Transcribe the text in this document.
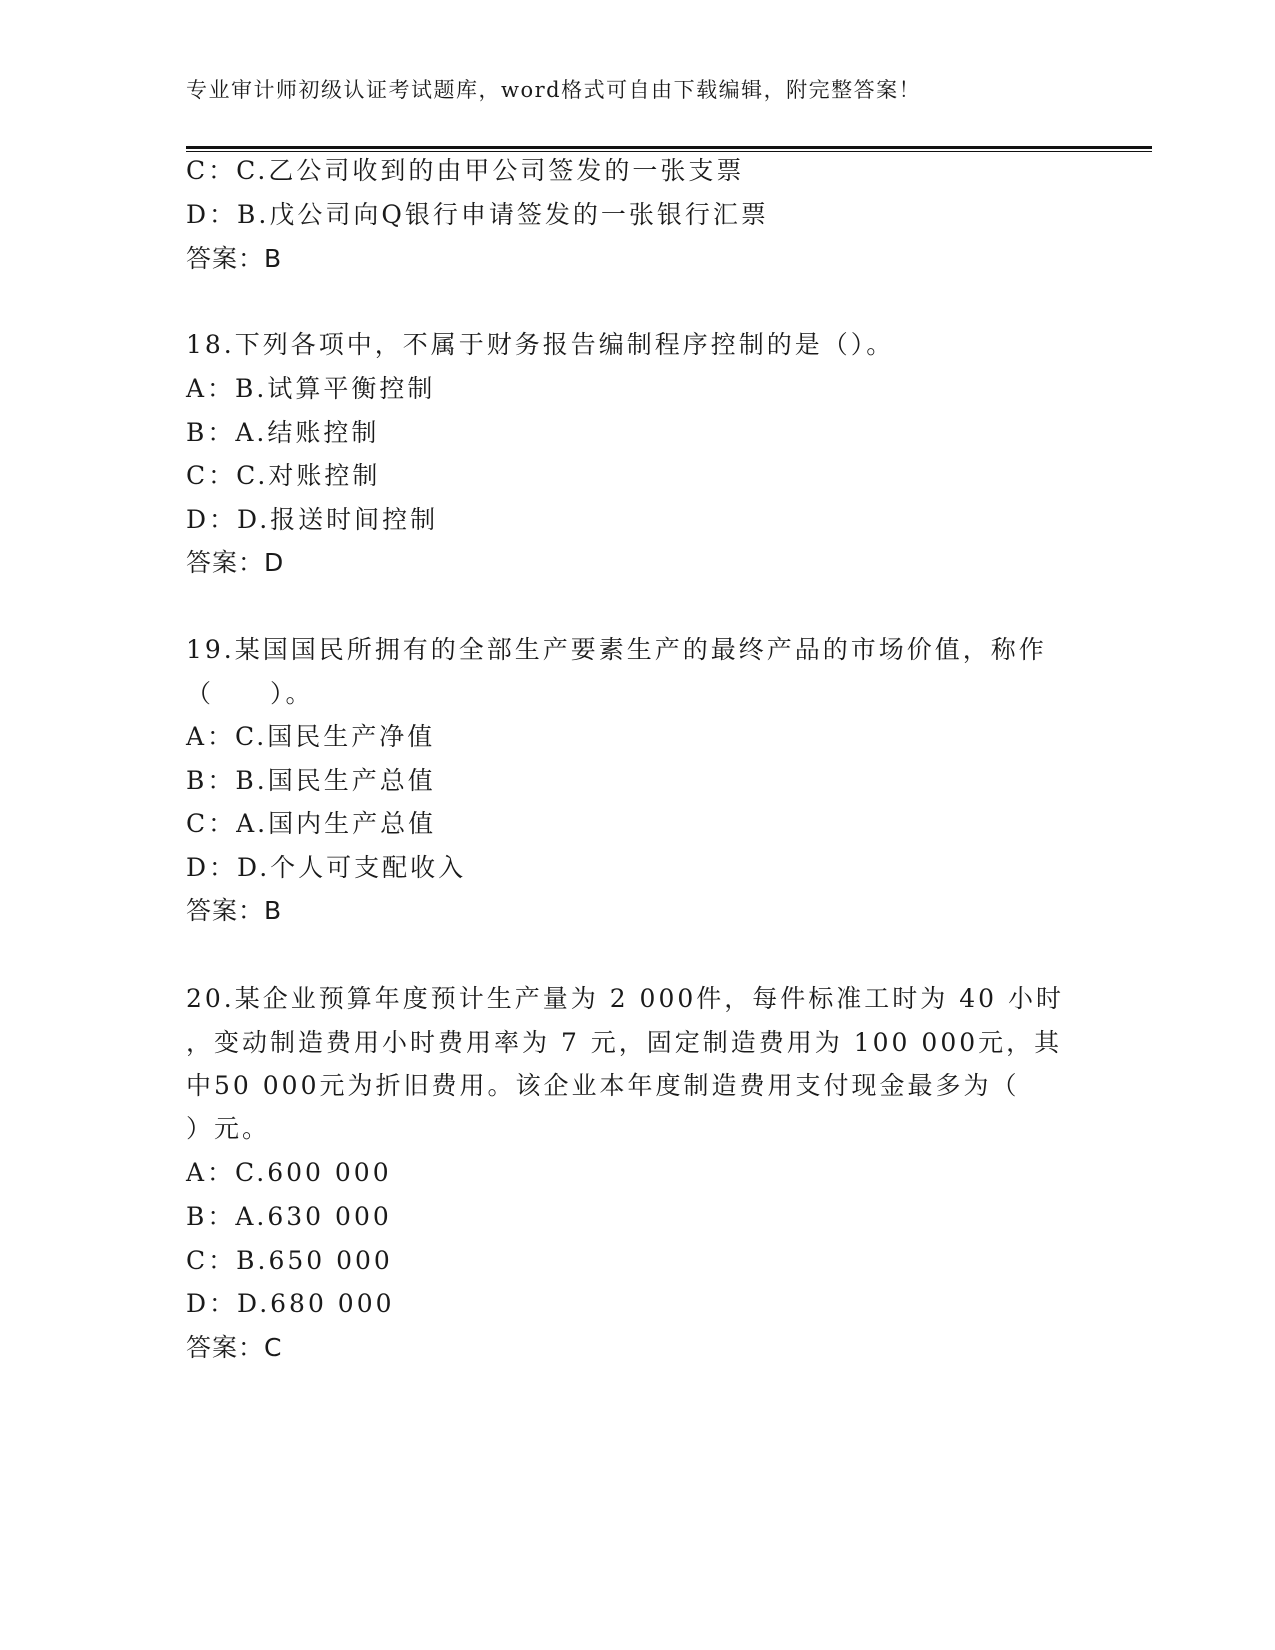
专业审计师初级认证考试题库，word格式可自由下载编辑，附完整答案！
C：C.乙公司收到的由甲公司签发的一张支票
D：B.戊公司向Q银行申请签发的一张银行汇票
答案：B
18.下列各项中，不属于财务报告编制程序控制的是（）。
A：B.试算平衡控制
B：A.结账控制
C：C.对账控制
D：D.报送时间控制
答案：D
19.某国国民所拥有的全部生产要素生产的最终产品的市场价值，称作
（　　）。
A：C.国民生产净值
B：B.国民生产总值
C：A.国内生产总值
D：D.个人可支配收入
答案：B
20.某企业预算年度预计生产量为 2 000件，每件标准工时为 40 小时
，变动制造费用小时费用率为 7 元，固定制造费用为 100 000元，其
中50 000元为折旧费用。该企业本年度制造费用支付现金最多为（
）元。
A：C.600 000
B：A.630 000
C：B.650 000
D：D.680 000
答案：C
